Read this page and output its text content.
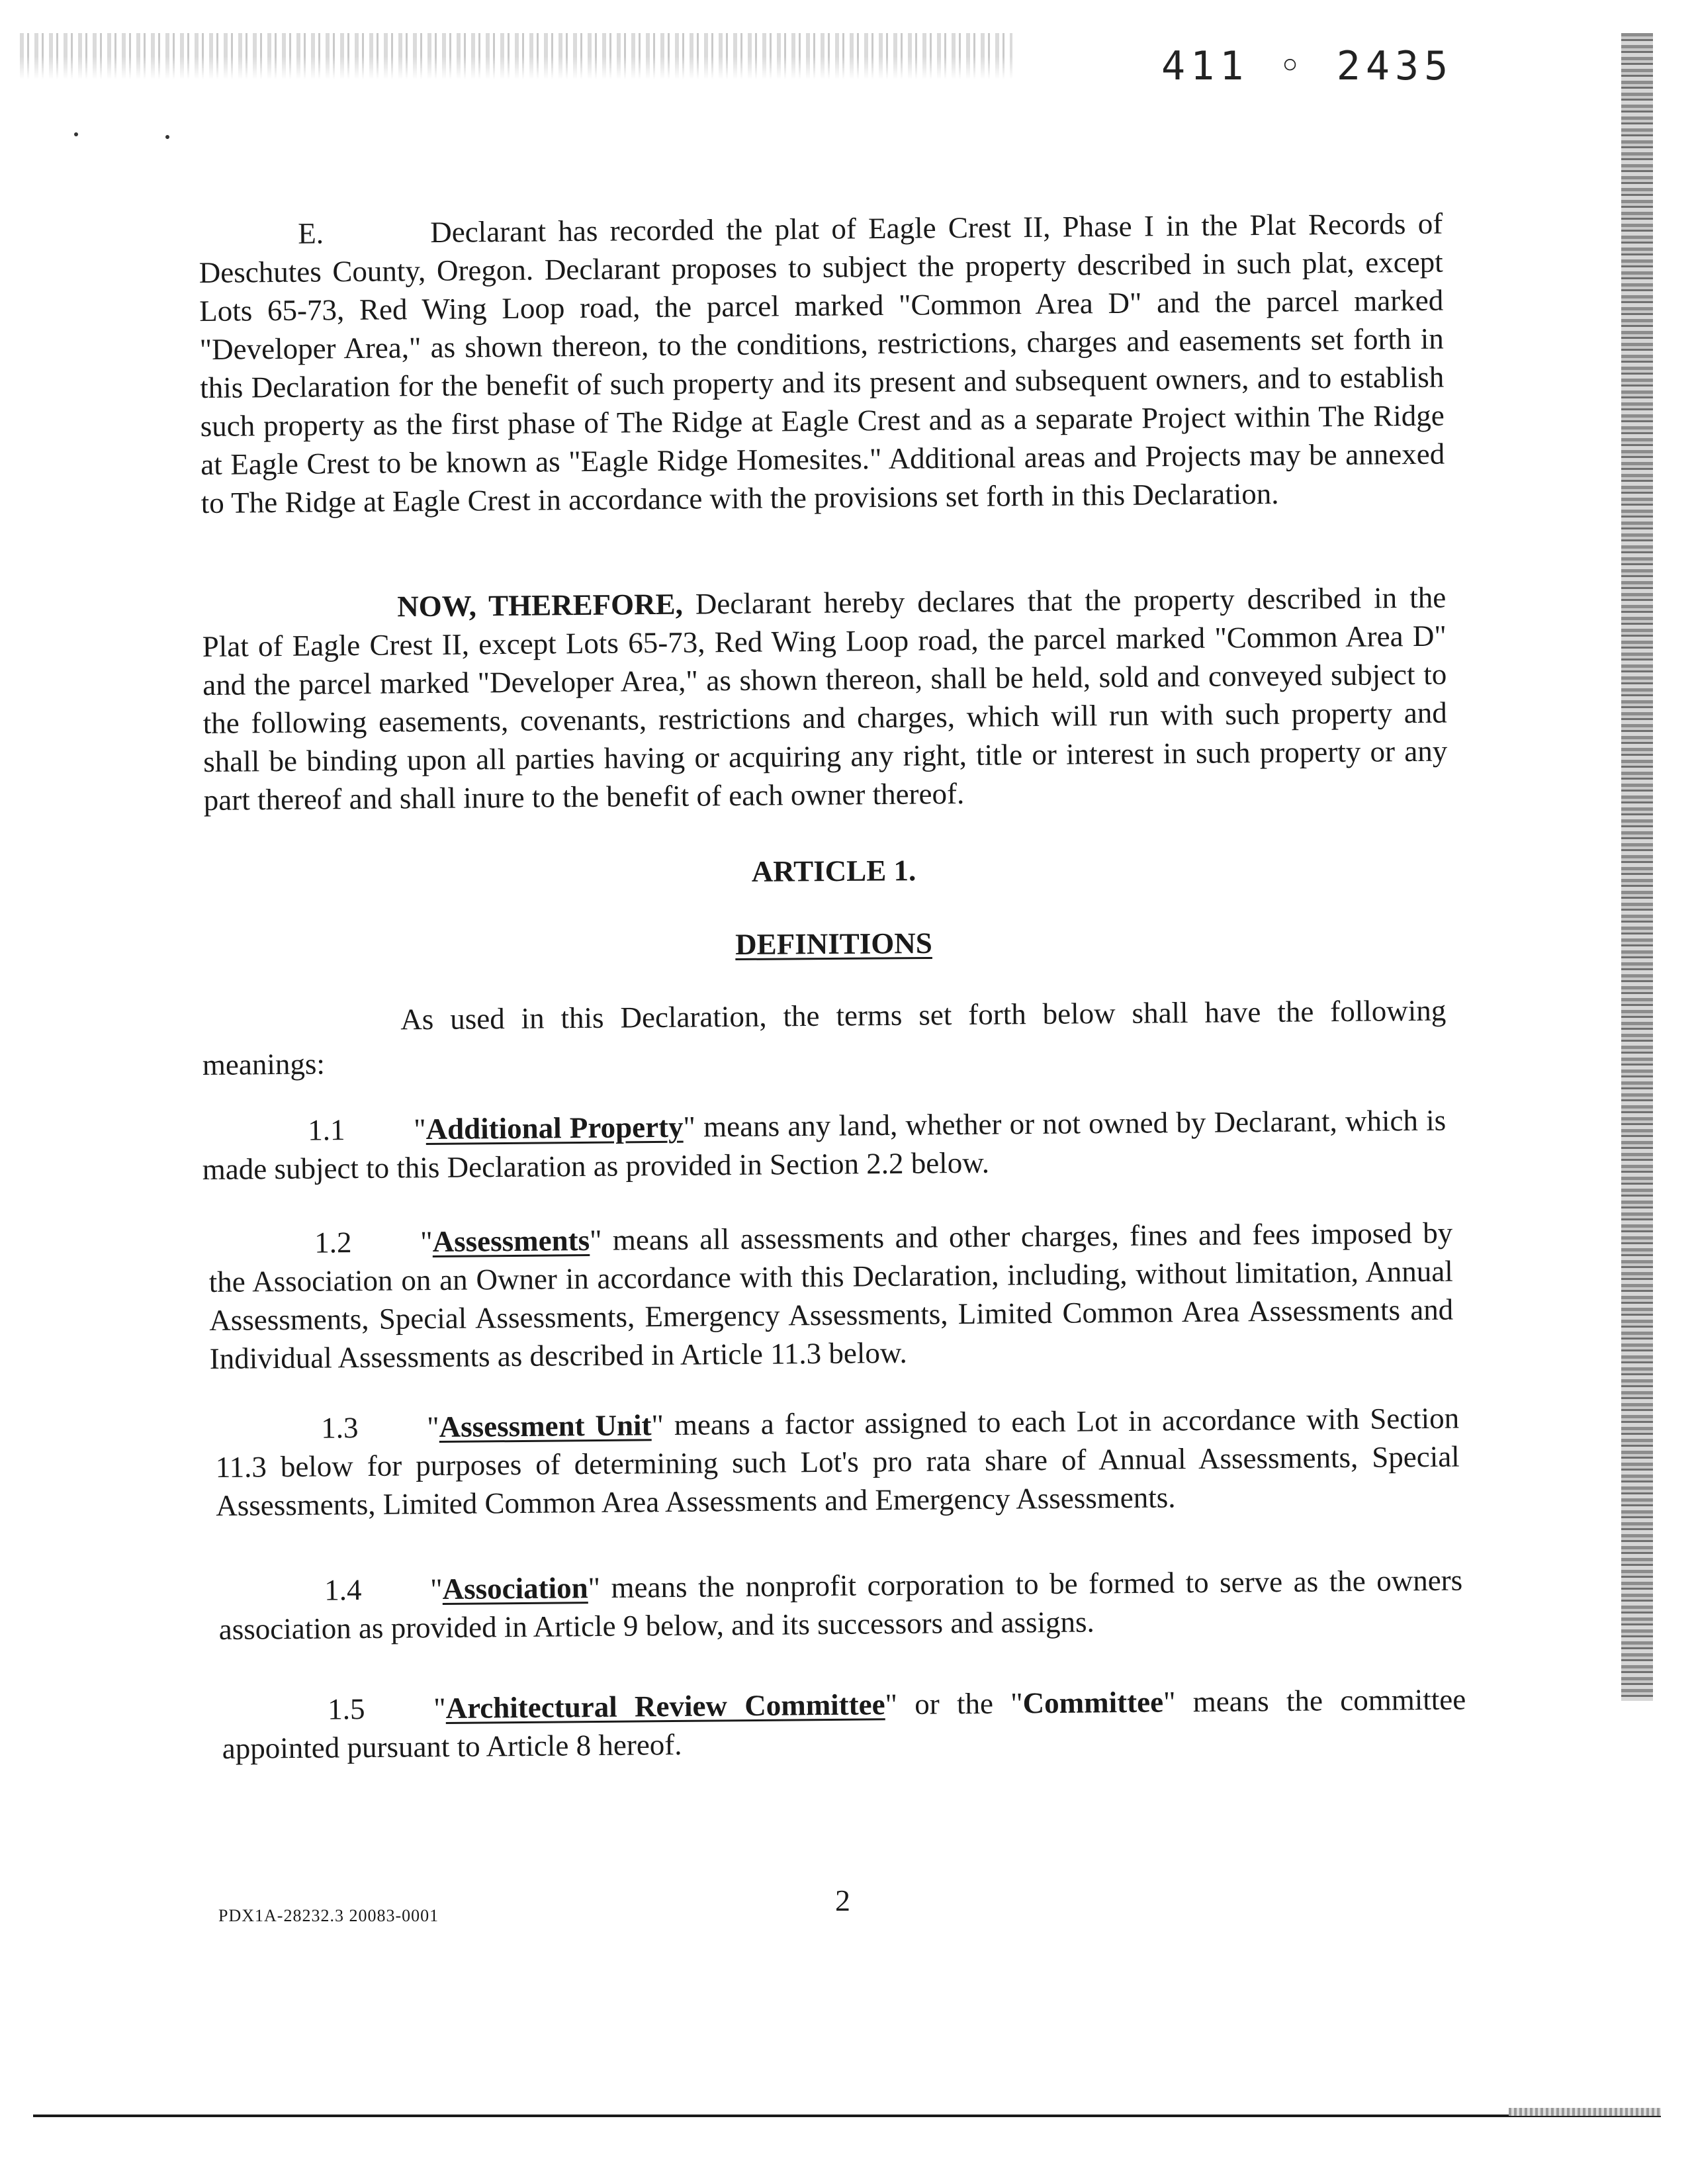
411 ◦ 2435

E.	Declarant has recorded the plat of Eagle Crest II, Phase I in the Plat Records of Deschutes County, Oregon. Declarant proposes to subject the property described in such plat, except Lots 65-73, Red Wing Loop road, the parcel marked "Common Area D" and the parcel marked "Developer Area," as shown thereon, to the conditions, restrictions, charges and easements set forth in this Declaration for the benefit of such property and its present and subsequent owners, and to establish such property as the first phase of The Ridge at Eagle Crest and as a separate Project within The Ridge at Eagle Crest to be known as "Eagle Ridge Homesites." Additional areas and Projects may be annexed to The Ridge at Eagle Crest in accordance with the provisions set forth in this Declaration.

NOW, THEREFORE, Declarant hereby declares that the property described in the Plat of Eagle Crest II, except Lots 65-73, Red Wing Loop road, the parcel marked "Common Area D" and the parcel marked "Developer Area," as shown thereon, shall be held, sold and conveyed subject to the following easements, covenants, restrictions and charges, which will run with such property and shall be binding upon all parties having or acquiring any right, title or interest in such property or any part thereof and shall inure to the benefit of each owner thereof.

ARTICLE 1.
DEFINITIONS

As used in this Declaration, the terms set forth below shall have the following meanings:

1.1 "Additional Property" means any land, whether or not owned by Declarant, which is made subject to this Declaration as provided in Section 2.2 below.

1.2 "Assessments" means all assessments and other charges, fines and fees imposed by the Association on an Owner in accordance with this Declaration, including, without limitation, Annual Assessments, Special Assessments, Emergency Assessments, Limited Common Area Assessments and Individual Assessments as described in Article 11.3 below.

1.3 "Assessment Unit" means a factor assigned to each Lot in accordance with Section 11.3 below for purposes of determining such Lot's pro rata share of Annual Assessments, Special Assessments, Limited Common Area Assessments and Emergency Assessments.

1.4 "Association" means the nonprofit corporation to be formed to serve as the owners association as provided in Article 9 below, and its successors and assigns.

1.5 "Architectural Review Committee" or the "Committee" means the committee appointed pursuant to Article 8 hereof.

PDX1A-28232.3 20083-0001	2
